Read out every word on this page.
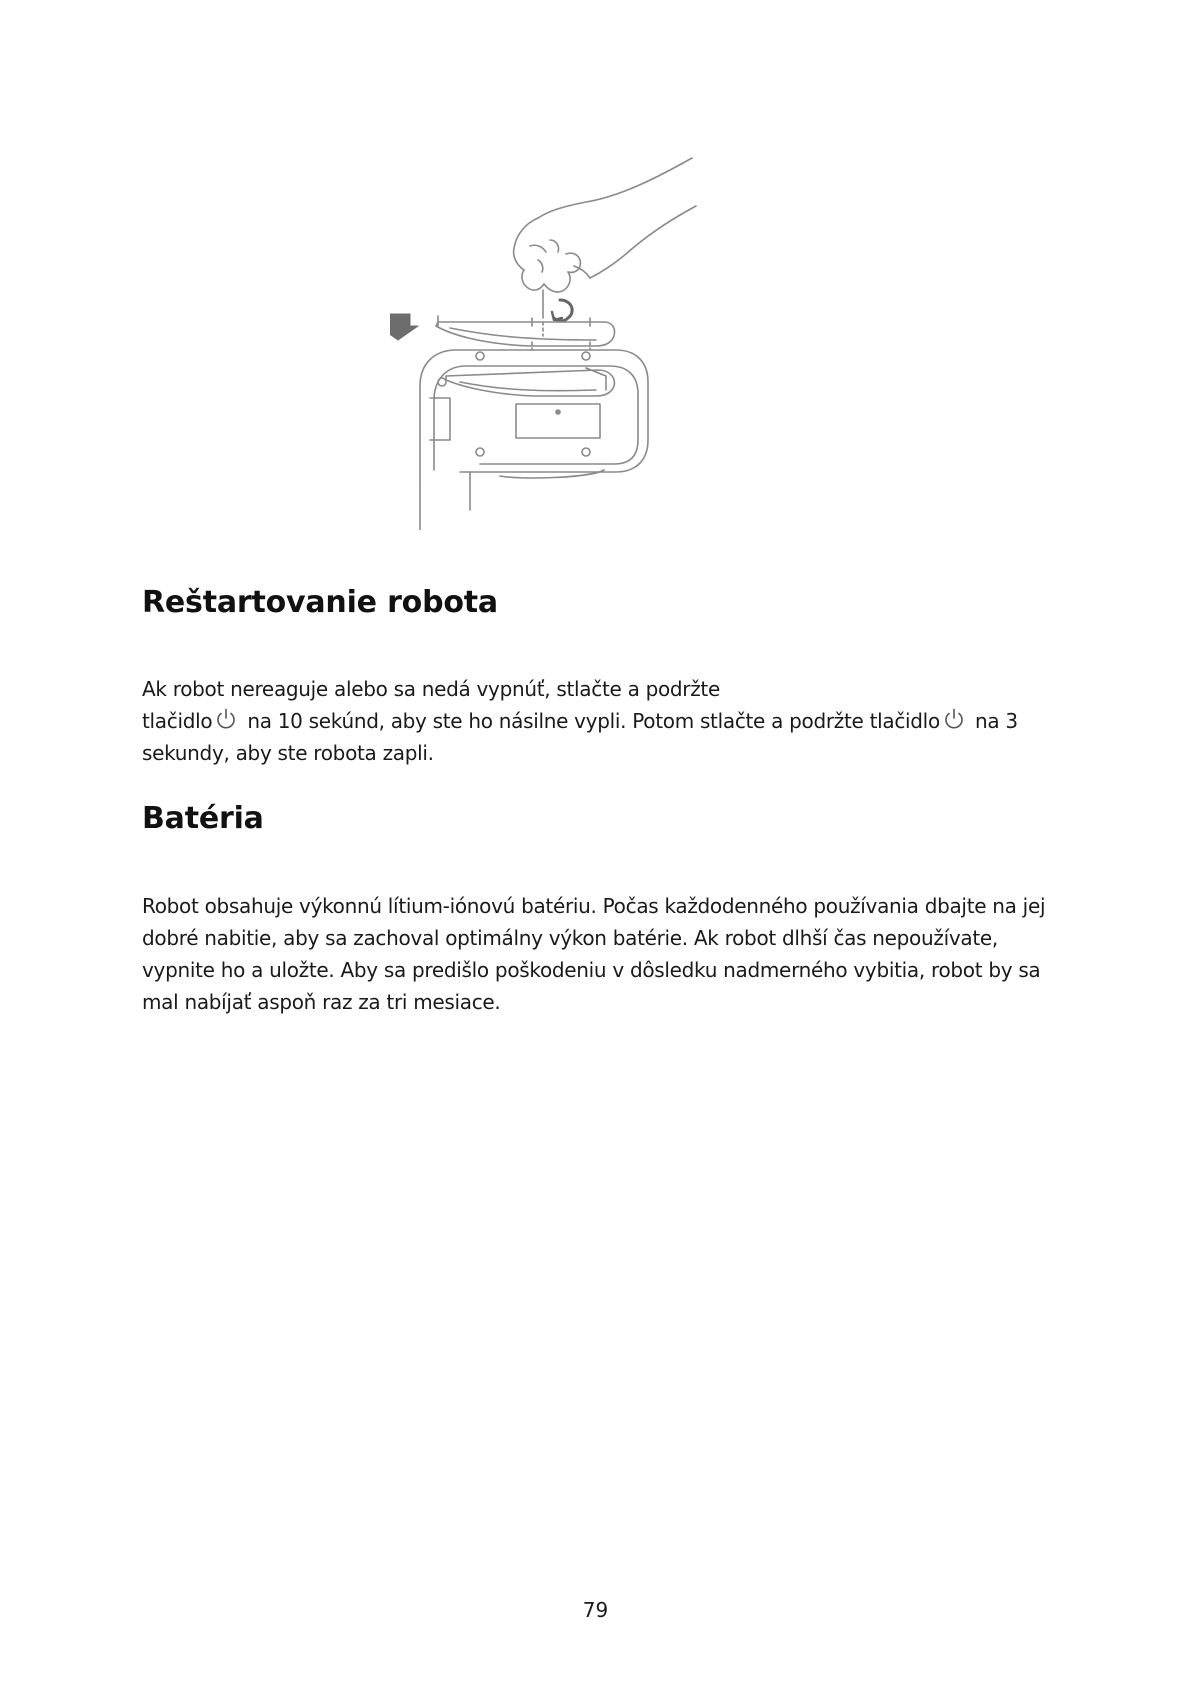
Reštartovanie robota

Ak robot nereaguje alebo sa nedá vypnúť, stlačte a podržte
tlačidlo
na 10 sekúnd, aby ste ho násilne vypli. Potom stlačte a podržte tlačidlo
na 3
sekundy, aby ste robota zapli.

Batéria

Robot obsahuje výkonnú lítium-iónovú batériu. Počas každodenného používania dbajte na jej
dobré nabitie, aby sa zachoval optimálny výkon batérie. Ak robot dlhší čas nepoužívate,
vypnite ho a uložte. Aby sa predišlo poškodeniu v dôsledku nadmerného vybitia, robot by sa
mal nabíjať aspoň raz za tri mesiace.

79
